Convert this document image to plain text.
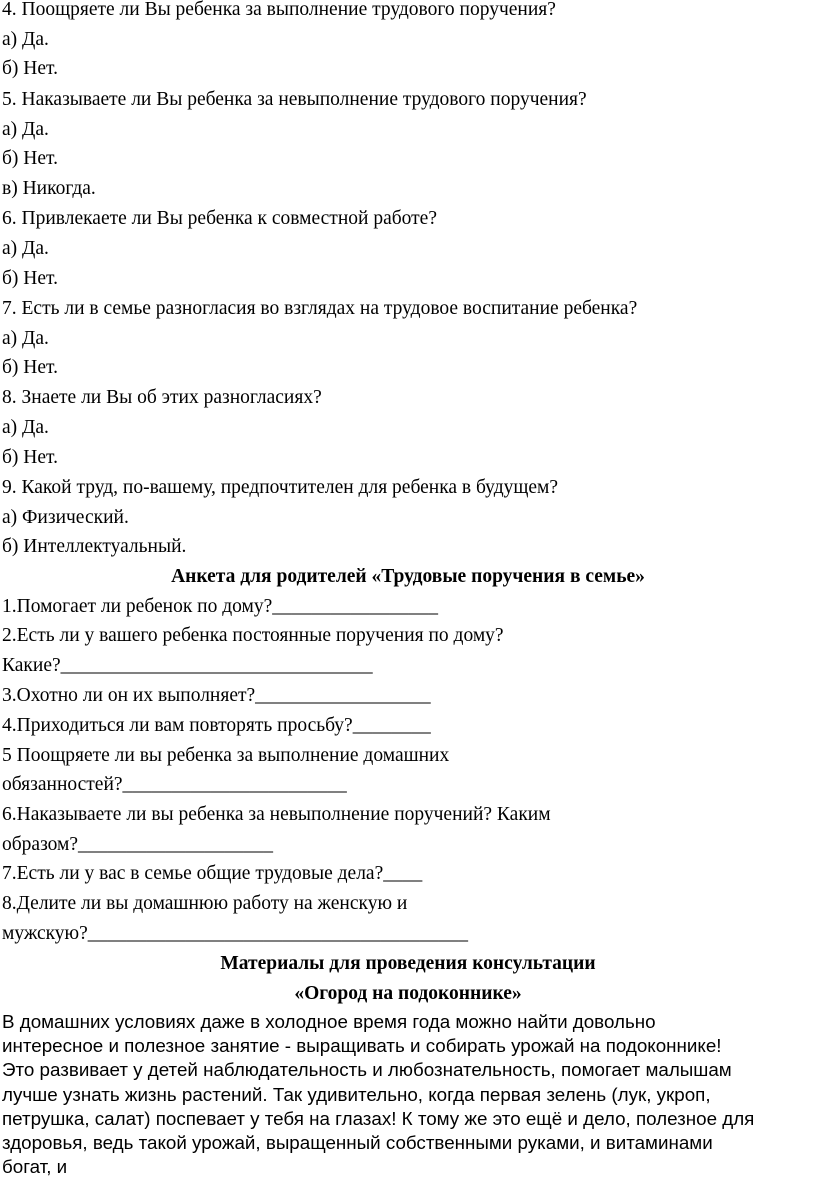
4. Поощряете ли Вы ребенка за выполнение трудового поручения?
а) Да.
б) Нет.
5. Наказываете ли Вы ребенка за невыполнение трудового поручения?
а) Да.
б) Нет.
в) Никогда.
6. Привлекаете ли Вы ребенка к совместной работе?
а) Да.
б) Нет.
7. Есть ли в семье разногласия во взглядах на трудовое воспитание ребенка?
а) Да.
б) Нет.
8. Знаете ли Вы об этих разногласиях?
а) Да.
б) Нет.
9. Какой труд, по-вашему, предпочтителен для ребенка в будущем?
а) Физический.
б) Интеллектуальный.
Анкета для родителей «Трудовые поручения в семье»
1.Помогает ли ребенок по дому?_________________
2.Есть ли у вашего ребенка постоянные поручения по дому?
Какие?________________________________
3.Охотно ли он их выполняет?__________________
4.Приходиться ли вам повторять просьбу?________
5 Поощряете ли вы ребенка за выполнение домашних
обязанностей?_______________________
6.Наказываете ли вы ребенка за невыполнение поручений? Каким
образом?____________________
7.Есть ли у вас в семье общие трудовые дела?____
8.Делите ли вы домашнюю работу на женскую и
мужскую?_______________________________________
Материалы для проведения консультации
«Огород на подоконнике»
В домашних условиях даже в холодное время года можно найти довольно
интересное и полезное занятие - выращивать и собирать урожай на подоконнике!
Это развивает у детей наблюдательность и любознательность, помогает малышам
лучше узнать жизнь растений. Так удивительно, когда первая зелень (лук, укроп,
петрушка, салат) поспевает у тебя на глазах! К тому же это ещё и дело, полезное для
здоровья, ведь такой урожай, выращенный собственными руками, и витаминами
богат, и
